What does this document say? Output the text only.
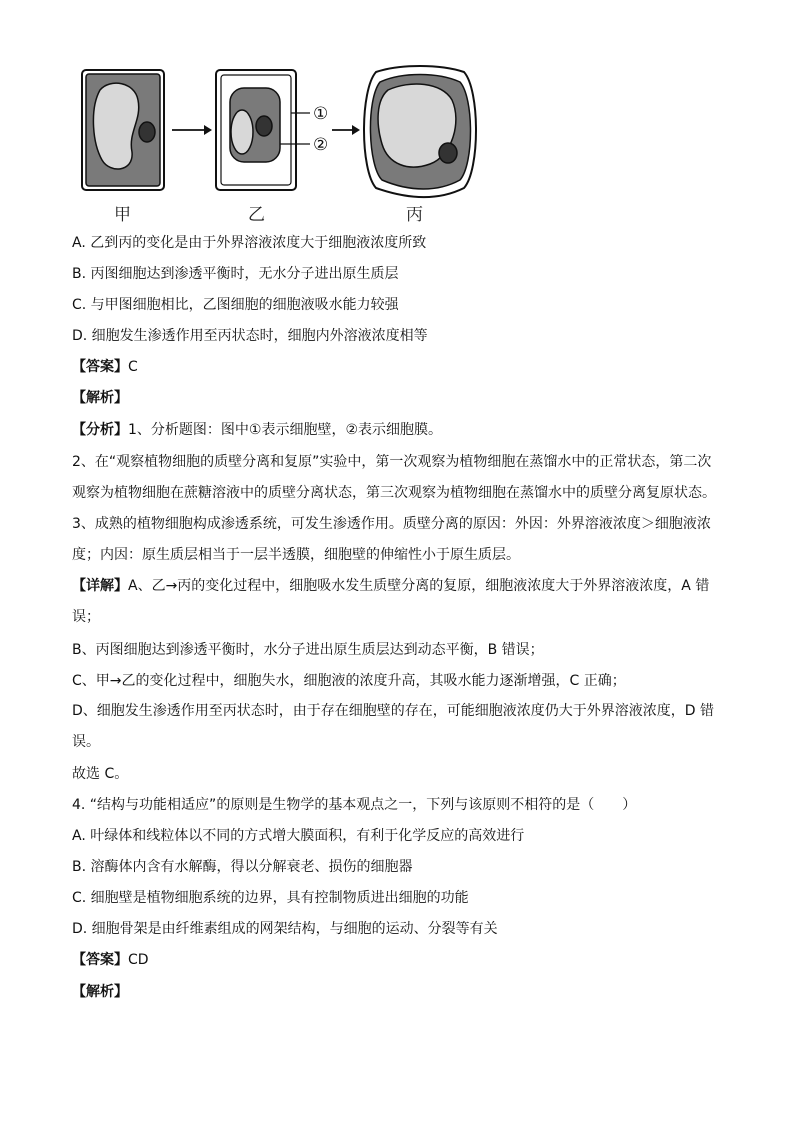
①
②
甲	乙	丙
A. 乙到丙的变化是由于外界溶液浓度大于细胞液浓度所致
B. 丙图细胞达到渗透平衡时，无水分子进出原生质层
C. 与甲图细胞相比，乙图细胞的细胞液吸水能力较强
D. 细胞发生渗透作用至丙状态时，细胞内外溶液浓度相等
【答案】C
【解析】
【分析】1、分析题图：图中①表示细胞壁，②表示细胞膜。
2、在“观察植物细胞的质壁分离和复原”实验中，第一次观察为植物细胞在蒸馏水中的正常状态，第二次观察为植物细胞在蔗糖溶液中的质壁分离状态，第三次观察为植物细胞在蒸馏水中的质壁分离复原状态。
3、成熟的植物细胞构成渗透系统，可发生渗透作用。质壁分离的原因：外因：外界溶液浓度＞细胞液浓度；内因：原生质层相当于一层半透膜，细胞壁的伸缩性小于原生质层。
【详解】A、乙→丙的变化过程中，细胞吸水发生质壁分离的复原，细胞液浓度大于外界溶液浓度，A 错误；
B、丙图细胞达到渗透平衡时，水分子进出原生质层达到动态平衡，B 错误；
C、甲→乙的变化过程中，细胞失水，细胞液的浓度升高，其吸水能力逐渐增强，C 正确；
D、细胞发生渗透作用至丙状态时，由于存在细胞壁的存在，可能细胞液浓度仍大于外界溶液浓度，D 错误。
故选 C。
4. “结构与功能相适应”的原则是生物学的基本观点之一，下列与该原则不相符的是（　　）
A. 叶绿体和线粒体以不同的方式增大膜面积，有利于化学反应的高效进行
B. 溶酶体内含有水解酶，得以分解衰老、损伤的细胞器
C. 细胞壁是植物细胞系统的边界，具有控制物质进出细胞的功能
D. 细胞骨架是由纤维素组成的网架结构，与细胞的运动、分裂等有关
【答案】CD
【解析】
